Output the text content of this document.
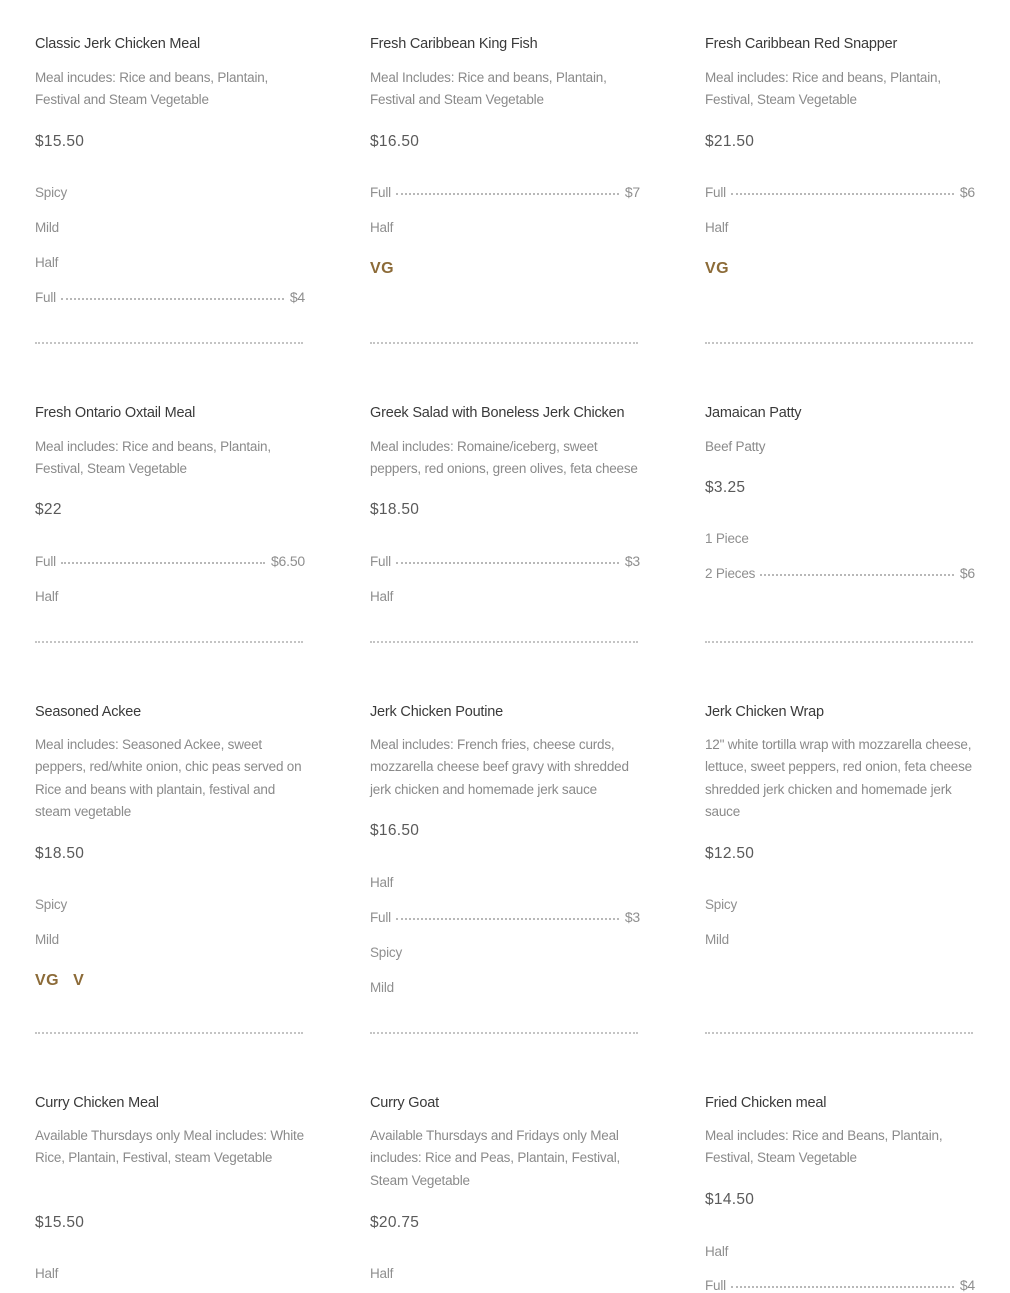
Classic Jerk Chicken Meal
Meal incudes: Rice and beans, Plantain, Festival and Steam Vegetable
$15.50
Spicy
Mild
Half
Full	$4
Fresh Caribbean King Fish
Meal Includes: Rice and beans, Plantain, Festival and Steam Vegetable
$16.50
Full	$7
Half
VG
Fresh Caribbean Red Snapper
Meal includes: Rice and beans, Plantain, Festival, Steam Vegetable
$21.50
Full	$6
Half
VG
Fresh Ontario Oxtail Meal
Meal includes: Rice and beans, Plantain, Festival, Steam Vegetable
$22
Full	$6.50
Half
Greek Salad with Boneless Jerk Chicken
Meal includes: Romaine/iceberg, sweet peppers, red onions, green olives, feta cheese
$18.50
Full	$3
Half
Jamaican Patty
Beef Patty
$3.25
1 Piece
2 Pieces	$6
Seasoned Ackee
Meal includes: Seasoned Ackee, sweet peppers, red/white onion, chic peas served on Rice and beans with plantain, festival and steam vegetable
$18.50
Spicy
Mild
VG V
Jerk Chicken Poutine
Meal includes: French fries, cheese curds, mozzarella cheese beef gravy with shredded jerk chicken and homemade jerk sauce
$16.50
Half
Full	$3
Spicy
Mild
Jerk Chicken Wrap
12" white tortilla wrap with mozzarella cheese, lettuce, sweet peppers, red onion, feta cheese shredded jerk chicken and homemade jerk sauce
$12.50
Spicy
Mild
Curry Chicken Meal
Available Thursdays only Meal includes: White Rice, Plantain, Festival, steam Vegetable
$15.50
Half
Curry Goat
Available Thursdays and Fridays only Meal includes: Rice and Peas, Plantain, Festival, Steam Vegetable
$20.75
Half
Fried Chicken meal
Meal includes: Rice and Beans, Plantain, Festival, Steam Vegetable
$14.50
Half
Full	$4
